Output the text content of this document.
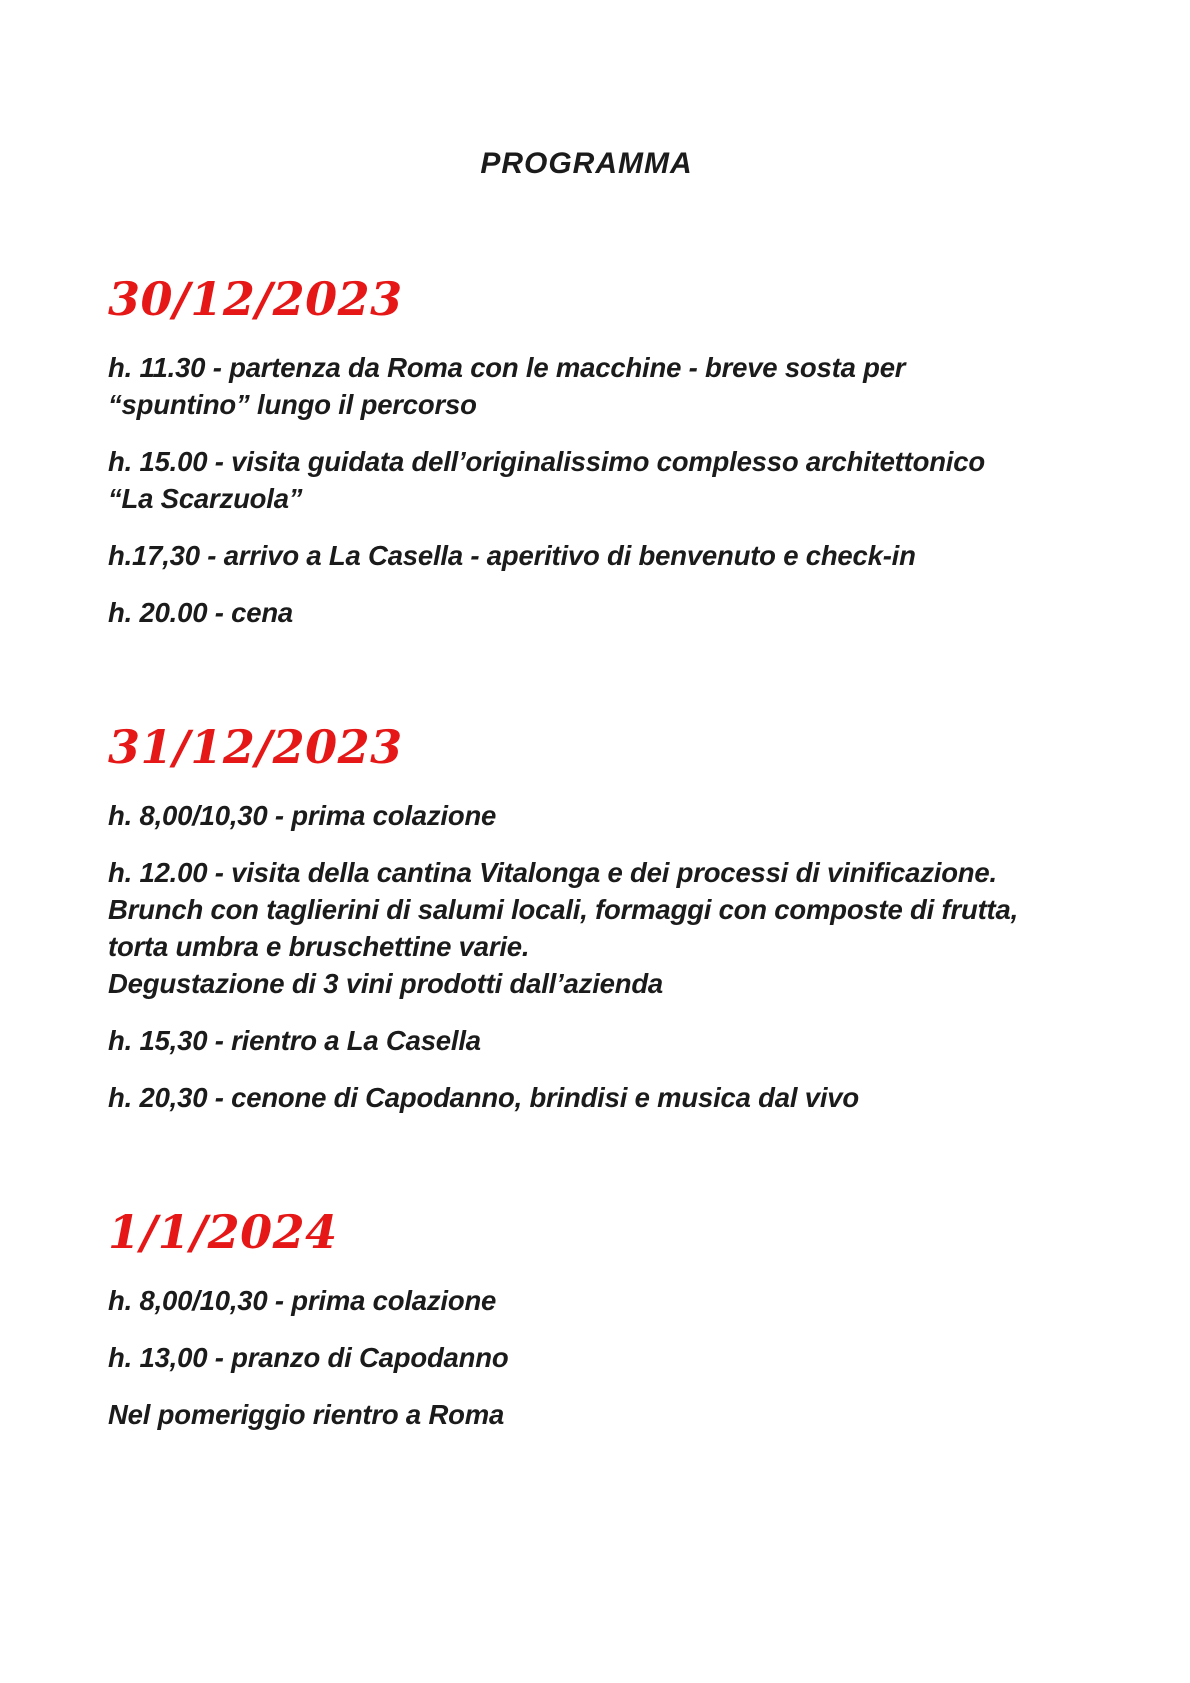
PROGRAMMA
30/12/2023
h. 11.30 - partenza da Roma con le macchine - breve sosta per
“spuntino” lungo il percorso
h. 15.00 - visita guidata dell’originalissimo complesso architettonico
“La Scarzuola”
h.17,30 - arrivo a La Casella - aperitivo di benvenuto e check-in
h. 20.00 - cena
31/12/2023
h. 8,00/10,30 - prima colazione
h. 12.00 - visita della cantina Vitalonga e dei processi di vinificazione.
Brunch con taglierini di salumi locali, formaggi con composte di frutta,
torta umbra e bruschettine varie.
Degustazione di 3 vini prodotti dall’azienda
h. 15,30 - rientro a La Casella
h. 20,30 - cenone di Capodanno, brindisi e musica dal vivo
1/1/2024
h. 8,00/10,30 - prima colazione
h. 13,00 - pranzo di Capodanno
Nel pomeriggio rientro a Roma
